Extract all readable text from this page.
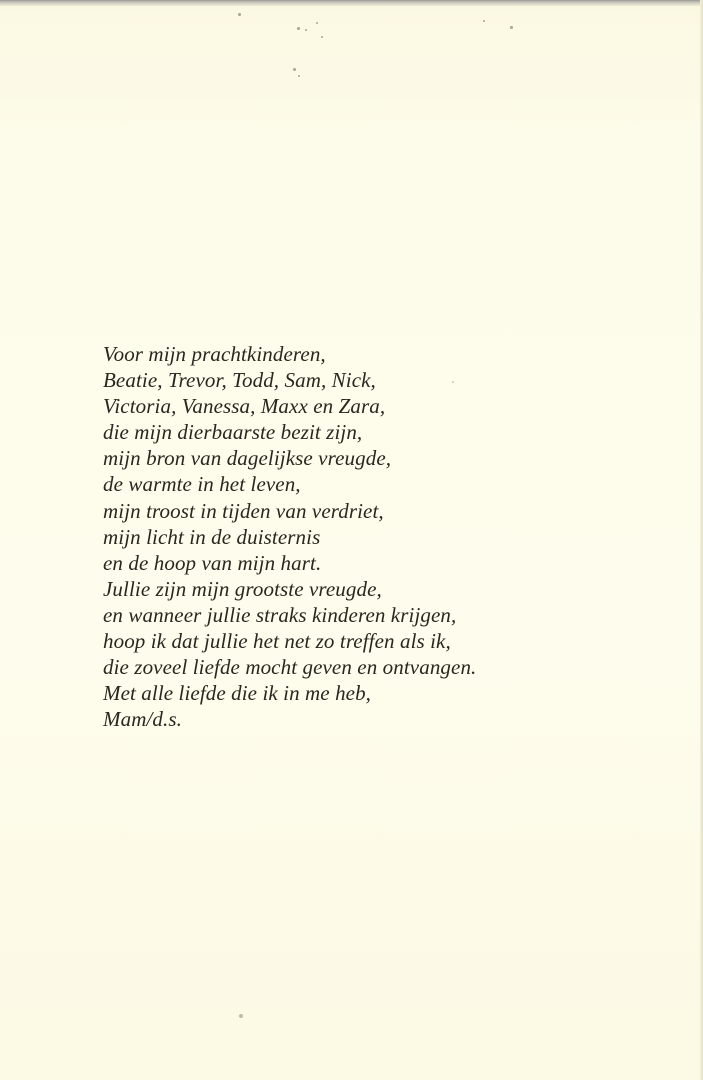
Voor mijn prachtkinderen,
Beatie, Trevor, Todd, Sam, Nick,
Victoria, Vanessa, Maxx en Zara,
die mijn dierbaarste bezit zijn,
mijn bron van dagelijkse vreugde,
de warmte in het leven,
mijn troost in tijden van verdriet,
mijn licht in de duisternis
en de hoop van mijn hart.
Jullie zijn mijn grootste vreugde,
en wanneer jullie straks kinderen krijgen,
hoop ik dat jullie het net zo treffen als ik,
die zoveel liefde mocht geven en ontvangen.
Met alle liefde die ik in me heb,
Mam/d.s.
